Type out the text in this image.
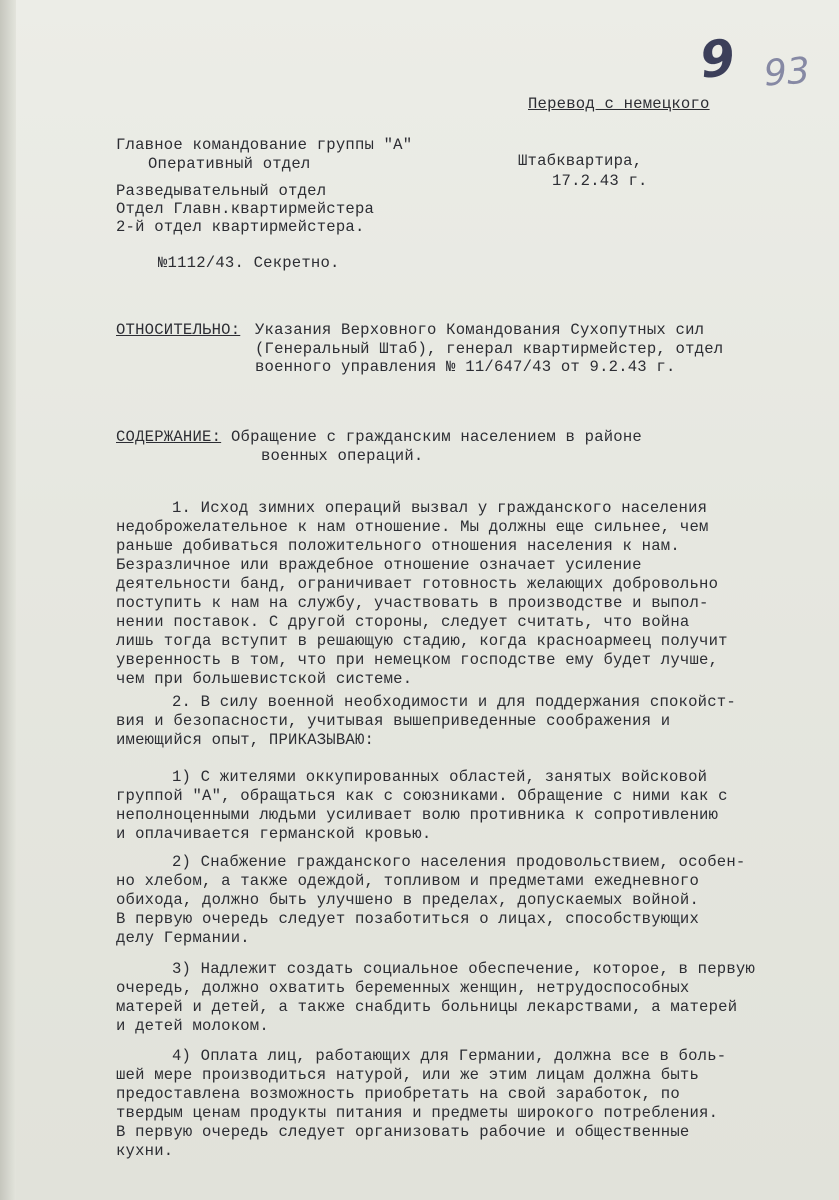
9 93
Перевод с немецкого
Главное командование группы "А"
Оперативный отдел
Разведывательный отдел
Отдел Главн.квартирмейстера
2-й отдел квартирмейстера.
Штабквартира,
17.2.43 г.
№1112/43. Секретно.
ОТНОСИТЕЛЬНО: Указания Верховного Командования Сухопутных сил
(Генеральный Штаб), генерал квартирмейстер, отдел
военного управления № 11/647/43 от 9.2.43 г.
СОДЕРЖАНИЕ: Обращение с гражданским населением в районе
военных операций.
1. Исход зимних операций вызвал у гражданского населения
недоброжелательное к нам отношение. Мы должны еще сильнее, чем
раньше добиваться положительного отношения населения к нам.
Безразличное или враждебное отношение означает усиление
деятельности банд, ограничивает готовность желающих добровольно
поступить к нам на службу, участвовать в производстве и выпол-
нении поставок. С другой стороны, следует считать, что война
лишь тогда вступит в решающую стадию, когда красноармеец получит
уверенность в том, что при немецком господстве ему будет лучше,
чем при большевистской системе.
2. В силу военной необходимости и для поддержания спокойст-
вия и безопасности, учитывая вышеприведенные соображения и
имеющийся опыт, ПРИКАЗЫВАЮ:
1) С жителями оккупированных областей, занятых войсковой
группой "А", обращаться как с союзниками. Обращение с ними как с
неполноценными людьми усиливает волю противника к сопротивлению
и оплачивается германской кровью.
2) Снабжение гражданского населения продовольствием, особен-
но хлебом, а также одеждой, топливом и предметами ежедневного
обихода, должно быть улучшено в пределах, допускаемых войной.
В первую очередь следует позаботиться о лицах, способствующих
делу Германии.
3) Надлежит создать социальное обеспечение, которое, в первую
очередь, должно охватить беременных женщин, нетрудоспособных
матерей и детей, а также снабдить больницы лекарствами, а матерей
и детей молоком.
4) Оплата лиц, работающих для Германии, должна все в боль-
шей мере производиться натурой, или же этим лицам должна быть
предоставлена возможность приобретать на свой заработок, по
твердым ценам продукты питания и предметы широкого потребления.
В первую очередь следует организовать рабочие и общественные
кухни.
